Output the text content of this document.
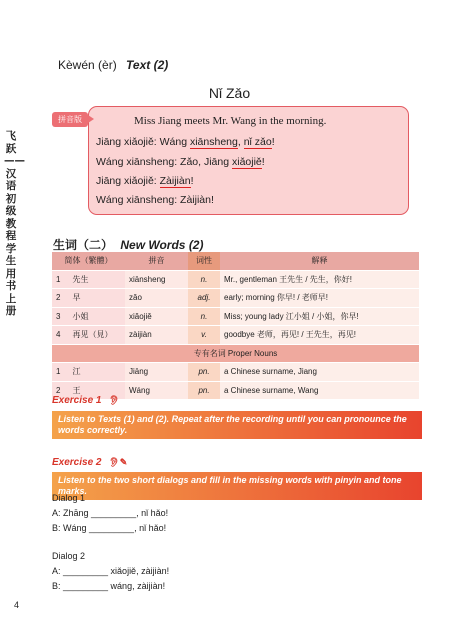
飞跃——汉语初级教程学生用书 上册
Kèwén (èr) Text (2)
Nǐ Zǎo
拼音版	Miss Jiang meets Mr. Wang in the morning.
Jiāng xiǎojiě: Wáng xiānsheng, nǐ zǎo!
Wáng xiānsheng: Zǎo, Jiāng xiǎojiě!
Jiāng xiǎojiě: Zàijiàn!
Wáng xiānsheng: Zàijiàn!
生词（二） New Words (2)
简体（繁體）	拼音	词性	解释
1 先生	xiānsheng	n.	Mr., gentleman 王先生 / 先生，你好!
2 早	zǎo	adj.	early; morning 你早! / 老师早!
3 小姐	xiǎojiě	n.	Miss; young lady 江小姐 / 小姐，你早!
4 再见（見）	zàijiàn	v.	goodbye 老师，再见! / 王先生，再见!
专有名词 Proper Nouns			
1 江	Jiāng	pn.	a Chinese surname, Jiang
2 王	Wáng	pn.	a Chinese surname, Wang
Exercise 1 👂︎
Listen to Texts (1) and (2). Repeat after the recording until you can pronounce the words correctly.
Exercise 2 👂︎✎
Listen to the two short dialogs and fill in the missing words with pinyin and tone marks.
Dialog 1
A: Zhāng _________, nǐ hǎo!
B: Wáng _________, nǐ hǎo!
Dialog 2
A: _________ xiǎojiě, zàijiàn!
B: _________ wáng, zàijiàn!
4
